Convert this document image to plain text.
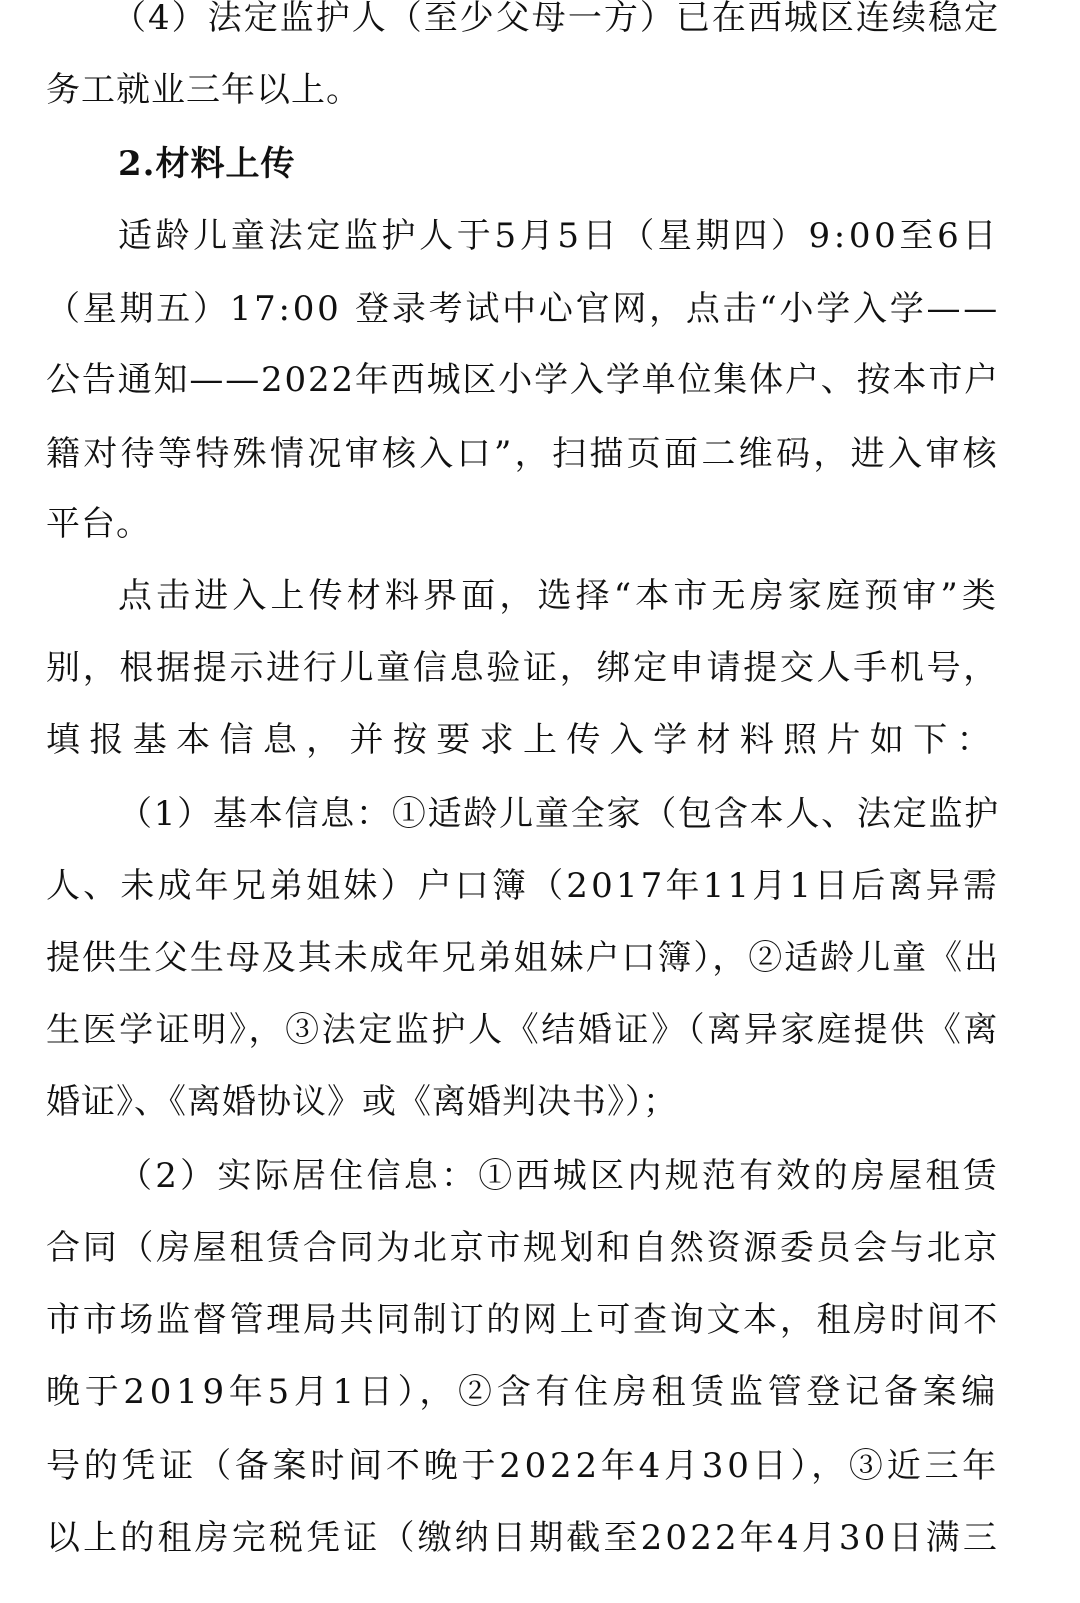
（4）法定监护人（至少父母一方）已在西城区连续稳定
务工就业三年以上。
2.材料上传
适龄儿童法定监护人于5月5日（星期四）9:00至6日
（星期五）17:00 登录考试中心官网，点击“小学入学——
公告通知——2022年西城区小学入学单位集体户、按本市户
籍对待等特殊情况审核入口”，扫描页面二维码，进入审核
平台。
点击进入上传材料界面，选择“本市无房家庭预审”类
别，根据提示进行儿童信息验证，绑定申请提交人手机号，
填报基本信息，并按要求上传入学材料照片如下：
（1）基本信息：①适龄儿童全家（包含本人、法定监护
人、未成年兄弟姐妹）户口簿（2017年11月1日后离异需
提供生父生母及其未成年兄弟姐妹户口簿），②适龄儿童《出
生医学证明》，③法定监护人《结婚证》（离异家庭提供《离
婚证》、《离婚协议》或《离婚判决书》）；
（2）实际居住信息：①西城区内规范有效的房屋租赁
合同（房屋租赁合同为北京市规划和自然资源委员会与北京
市市场监督管理局共同制订的网上可查询文本，租房时间不
晚于2019年5月1日），②含有住房租赁监管登记备案编
号的凭证（备案时间不晚于2022年4月30日），③近三年
以上的租房完税凭证（缴纳日期截至2022年4月30日满三
